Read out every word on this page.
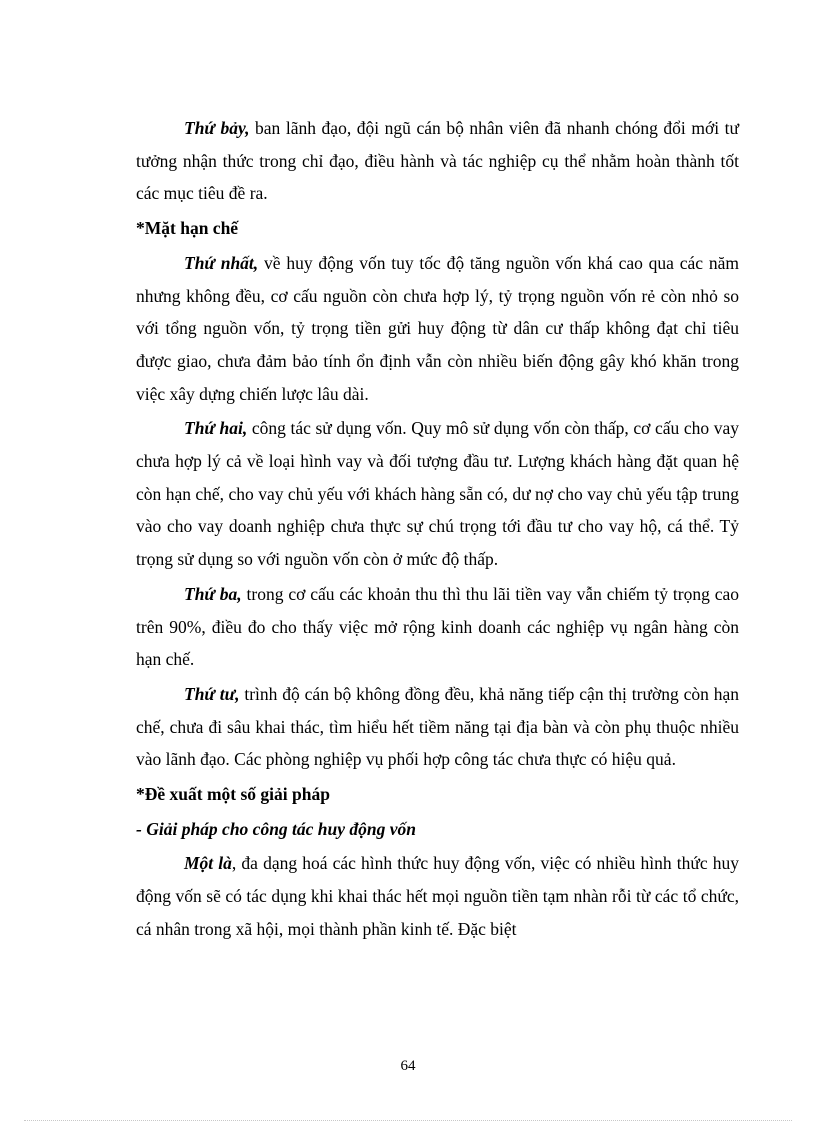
Thứ bảy, ban lãnh đạo, đội ngũ cán bộ nhân viên đã nhanh chóng đổi mới tư tưởng nhận thức trong chỉ đạo, điều hành và tác nghiệp cụ thể nhằm hoàn thành tốt các mục tiêu đề ra.

*Mặt hạn chế

Thứ nhất, về huy động vốn tuy tốc độ tăng nguồn vốn khá cao qua các năm nhưng không đều, cơ cấu nguồn còn chưa hợp lý, tỷ trọng nguồn vốn rẻ còn nhỏ so với tổng nguồn vốn, tỷ trọng tiền gửi huy động từ dân cư thấp không đạt chỉ tiêu được giao, chưa đảm bảo tính ổn định vẫn còn nhiều biến động gây khó khăn trong việc xây dựng chiến lược lâu dài.

Thứ hai, công tác sử dụng vốn. Quy mô sử dụng vốn còn thấp, cơ cấu cho vay chưa hợp lý cả về loại hình vay và đối tượng đầu tư. Lượng khách hàng đặt quan hệ còn hạn chế, cho vay chủ yếu với khách hàng sẵn có, dư nợ cho vay chủ yếu tập trung vào cho vay doanh nghiệp chưa thực sự chú trọng tới đầu tư cho vay hộ, cá thể. Tỷ trọng sử dụng so với nguồn vốn còn ở mức độ thấp.

Thứ ba, trong cơ cấu các khoản thu thì thu lãi tiền vay vẫn chiếm tỷ trọng cao trên 90%, điều đo cho thấy việc mở rộng kinh doanh các nghiệp vụ ngân hàng còn hạn chế.

Thứ tư, trình độ cán bộ không đồng đều, khả năng tiếp cận thị trường còn hạn chế, chưa đi sâu khai thác, tìm hiểu hết tiềm năng tại địa bàn và còn phụ thuộc nhiều vào lãnh đạo. Các phòng nghiệp vụ phối hợp công tác chưa thực có hiệu quả.

*Đề xuất một số giải pháp

- Giải pháp cho công tác huy động vốn

Một là, đa dạng hoá các hình thức huy động vốn, việc có nhiều hình thức huy động vốn sẽ có tác dụng khi khai thác hết mọi nguồn tiền tạm nhàn rỗi từ các tổ chức, cá nhân trong xã hội, mọi thành phần kinh tế. Đặc biệt

64
